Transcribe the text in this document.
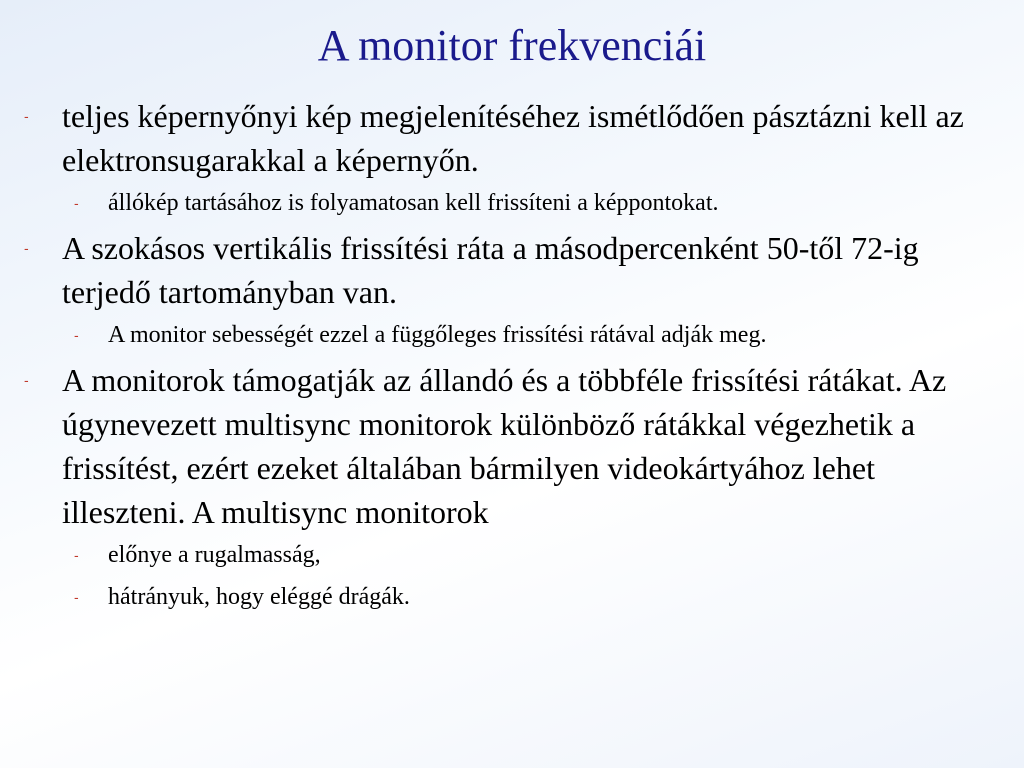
A monitor frekvenciái
- teljes képernyőnyi kép megjelenítéséhez ismétlődően pásztázni kell az elektronsugarakkal a képernyőn.
- állókép tartásához is folyamatosan kell frissíteni a képpontokat.
- A szokásos vertikális frissítési ráta a másodpercenként 50-től 72-ig terjedő tartományban van.
- A monitor sebességét ezzel a függőleges frissítési rátával adják meg.
- A monitorok támogatják az állandó és a többféle frissítési rátákat. Az úgynevezett multisync monitorok különböző rátákkal végezhetik a frissítést, ezért ezeket általában bármilyen videokártyához lehet illeszteni. A multisync monitorok
- előnye a rugalmasság,
- hátrányuk, hogy eléggé drágák.
